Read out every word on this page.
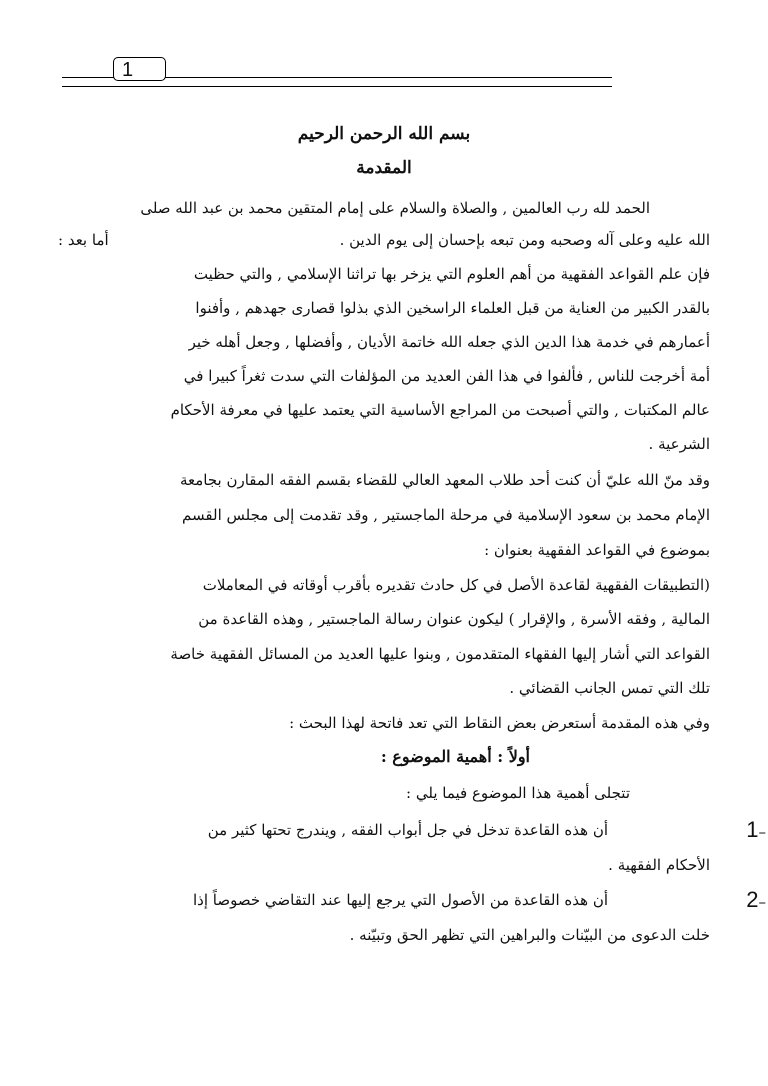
1
بسم الله الرحمن الرحيم
المقدمة
الحمد لله رب العالمين , والصلاة والسلام على إمام المتقين محمد بن عبد الله صلى
الله عليه وعلى آله وصحبه ومن تبعه بإحسان إلى يوم الدين .
أما بعد :
فإن علم القواعد الفقهية من أهم العلوم التي يزخر بها تراثنا الإسلامي , والتي حظيت
بالقدر الكبير من العناية من قبل العلماء الراسخين الذي بذلوا قصارى جهدهم , وأفنوا
أعمارهم في خدمة هذا الدين الذي جعله الله خاتمة الأديان , وأفضلها , وجعل أهله خير
أمة أخرجت للناس , فألفوا في هذا الفن العديد من المؤلفات التي سدت ثغراً كبيرا في
عالم المكتبات , والتي أصبحت من المراجع الأساسية التي يعتمد عليها في معرفة الأحكام
الشرعية .
وقد منّ الله عليّ أن كنت أحد طلاب المعهد العالي للقضاء بقسم الفقه المقارن بجامعة
الإمام محمد بن سعود الإسلامية في مرحلة الماجستير , وقد تقدمت إلى مجلس القسم
بموضوع في القواعد الفقهية بعنوان :
(التطبيقات الفقهية لقاعدة الأصل في كل حادث تقديره بأقرب أوقاته في المعاملات
المالية , وفقه الأسرة , والإقرار ) ليكون عنوان رسالة الماجستير , وهذه القاعدة من
القواعد التي أشار إليها الفقهاء المتقدمون , وبنوا عليها العديد من المسائل الفقهية خاصة
تلك التي تمس الجانب القضائي .
وفي هذه المقدمة أستعرض بعض النقاط التي تعد فاتحة لهذا البحث :
أولاً : أهمية الموضوع :
تتجلى أهمية هذا الموضوع فيما يلي :
أن هذه القاعدة تدخل في جل أبواب الفقه , ويندرج تحتها كثير من	1–
الأحكام الفقهية .
أن هذه القاعدة من الأصول التي يرجع إليها عند التقاضي خصوصاً إذا	2–
خلت الدعوى من البيّنات والبراهين التي تظهر الحق وتبيّنه .
